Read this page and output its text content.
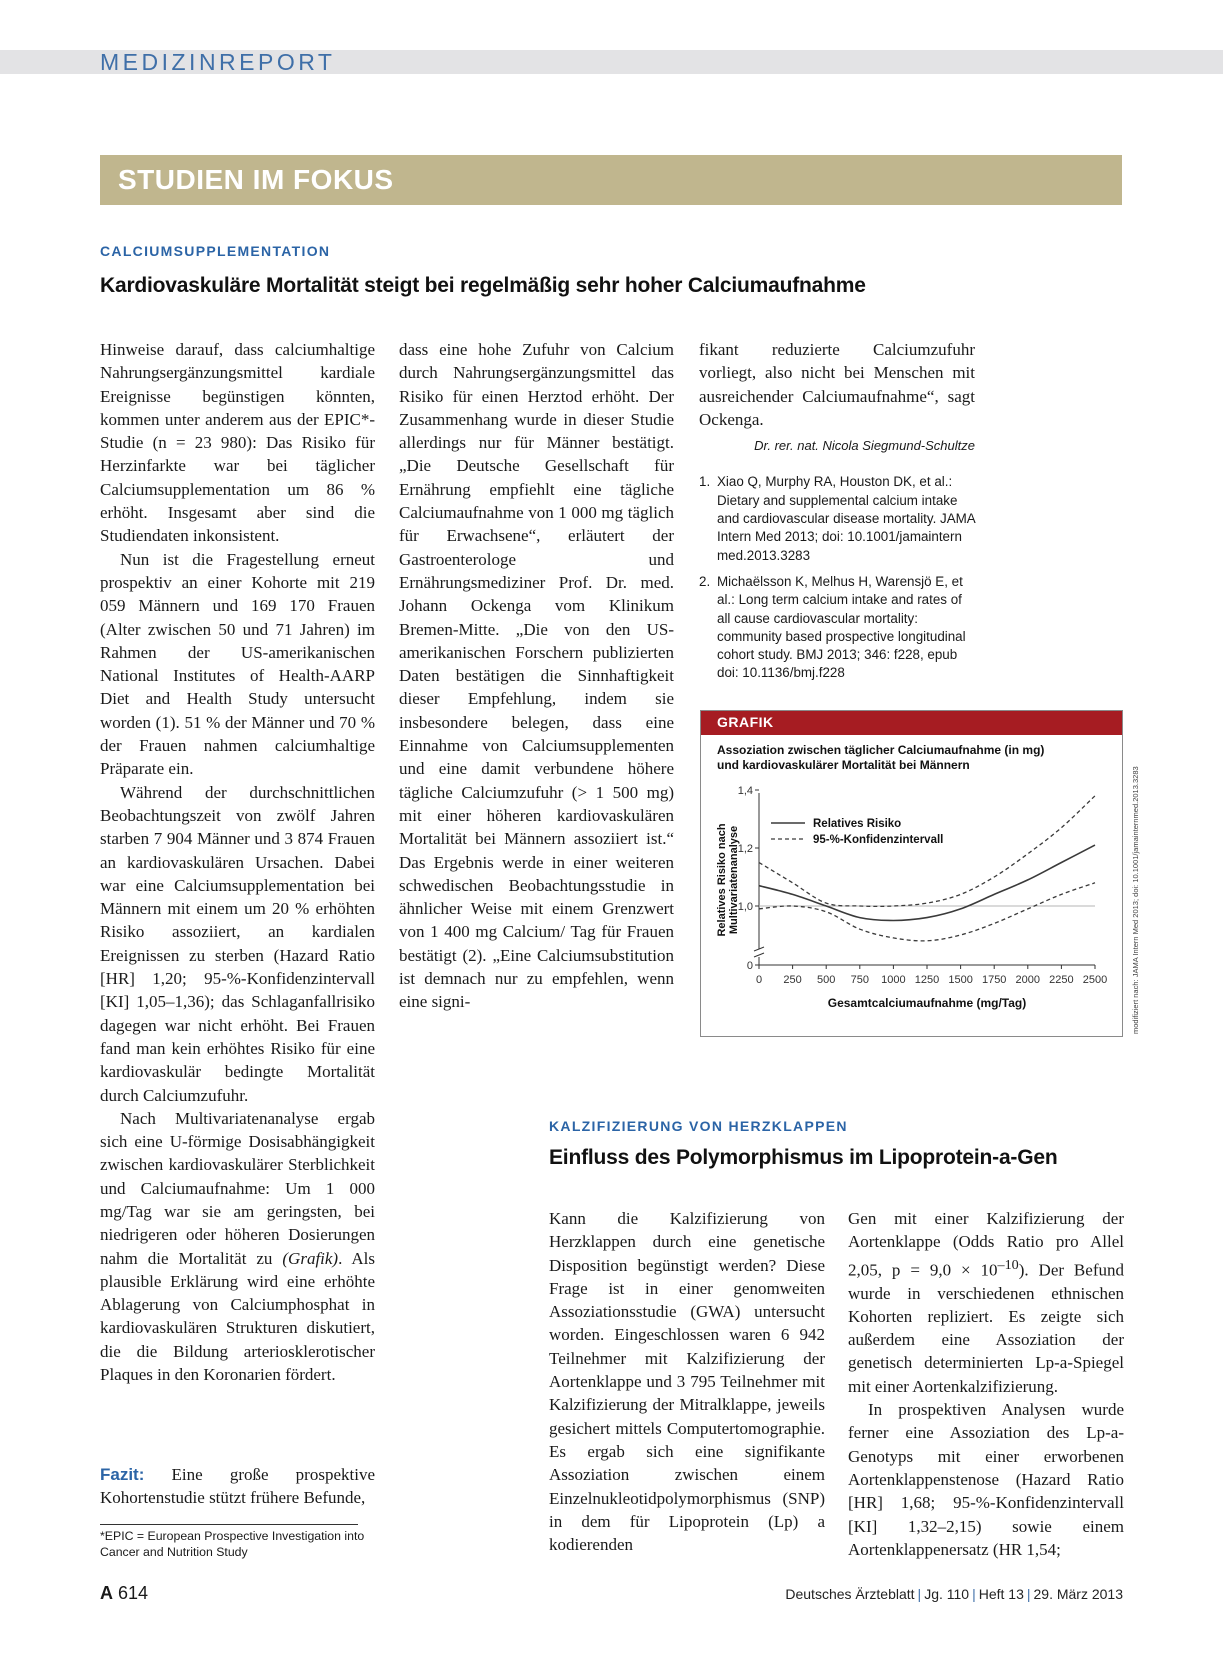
MEDIZINREPORT
STUDIEN IM FOKUS
CALCIUMSUPPLEMENTATION
Kardiovaskuläre Mortalität steigt bei regelmäßig sehr hoher Calciumaufnahme

Hinweise darauf, dass calciumhaltige Nahrungsergänzungsmittel kardiale Ereignisse begünstigen könnten, kommen unter anderem aus der EPIC*-Studie (n = 23 980): Das Risiko für Herzinfarkte war bei täglicher Calciumsupplementation um 86 % erhöht. Insgesamt aber sind die Studiendaten inkonsistent.

Nun ist die Fragestellung erneut prospektiv an einer Kohorte mit 219 059 Männern und 169 170 Frauen (Alter zwischen 50 und 71 Jahren) im Rahmen der US-amerikanischen National Institutes of Health-AARP Diet and Health Study untersucht worden (1). 51 % der Männer und 70 % der Frauen nahmen calciumhaltige Präparate ein.

Während der durchschnittlichen Beobachtungszeit von zwölf Jahren starben 7 904 Männer und 3 874 Frauen an kardiovaskulären Ursachen. Dabei war eine Calciumsupplementation bei Männern mit einem um 20 % erhöhten Risiko assoziiert, an kardialen Ereignissen zu sterben (Hazard Ratio [HR] 1,20; 95-%-Konfidenzintervall [KI] 1,05–1,36); das Schlaganfallrisiko dagegen war nicht erhöht. Bei Frauen fand man kein erhöhtes Risiko für eine kardiovaskulär bedingte Mortalität durch Calciumzufuhr.

Nach Multivariatenanalyse ergab sich eine U-förmige Dosisabhängigkeit zwischen kardiovaskulärer Sterblichkeit und Calciumaufnahme: Um 1 000 mg/Tag war sie am geringsten, bei niedrigeren oder höheren Dosierungen nahm die Mortalität zu (Grafik). Als plausible Erklärung wird eine erhöhte Ablagerung von Calciumphosphat in kardiovaskulären Strukturen diskutiert, die die Bildung arteriosklerotischer Plaques in den Koronarien fördert.

Fazit: Eine große prospektive Kohortenstudie stützt frühere Befunde,
*EPIC = European Prospective Investigation into Cancer and Nutrition Study

dass eine hohe Zufuhr von Calcium durch Nahrungsergänzungsmittel das Risiko für einen Herztod erhöht. Der Zusammenhang wurde in dieser Studie allerdings nur für Männer bestätigt. „Die Deutsche Gesellschaft für Ernährung empfiehlt eine tägliche Calciumaufnahme von 1 000 mg täglich für Erwachsene“, erläutert der Gastroenterologe und Ernährungsmediziner Prof. Dr. med. Johann Ockenga vom Klinikum Bremen-Mitte. „Die von den US-amerikanischen Forschern publizierten Daten bestätigen die Sinnhaftigkeit dieser Empfehlung, indem sie insbesondere belegen, dass eine Einnahme von Calciumsupplementen und eine damit verbundene höhere tägliche Calciumzufuhr (> 1 500 mg) mit einer höheren kardiovaskulären Mortalität bei Männern assoziiert ist.“ Das Ergebnis werde in einer weiteren schwedischen Beobachtungsstudie in ähnlicher Weise mit einem Grenzwert von 1 400 mg Calcium/ Tag für Frauen bestätigt (2). „Eine Calciumsubstitution ist demnach nur zu empfehlen, wenn eine signi-

fikant reduzierte Calciumzufuhr vorliegt, also nicht bei Menschen mit ausreichender Calciumaufnahme“, sagt Ockenga.

Dr. rer. nat. Nicola Siegmund-Schultze
1. Xiao Q, Murphy RA, Houston DK, et al.: Dietary and supplemental calcium intake and cardiovascular disease mortality. JAMA Intern Med 2013; doi: 10.1001/jamaintern med.2013.3283
2. Michaëlsson K, Melhus H, Warensjö E, et al.: Long term calcium intake and rates of all cause cardiovascular mortality: community based prospective longitudinal cohort study. BMJ 2013; 346: f228, epub doi: 10.1136/bmj.f228
GRAFIK
Assoziation zwischen täglicher Calciumaufnahme (in mg)
und kardiovaskulärer Mortalität bei Männern
Relatives Risiko nach Multivariatenanalyse
0
1,0
1,2
1,4
0 250 500 750 1000 1250 1500 1750 2000 2250 2500
Gesamtcalciumaufnahme (mg/Tag)
Relatives Risiko
95-%-Konfidenzintervall	modifiziert nach: JAMA Intern Med 2013; doi: 10.1001/jamainternmed.2013.3283
KALZIFIZIERUNG VON HERZKLAPPEN
Einfluss des Polymorphismus im Lipoprotein-a-Gen

Kann die Kalzifizierung von Herzklappen durch eine genetische Disposition begünstigt werden? Diese Frage ist in einer genomweiten Assoziationsstudie (GWA) untersucht worden. Eingeschlossen waren 6 942 Teilnehmer mit Kalzifizierung der Aortenklappe und 3 795 Teilnehmer mit Kalzifizierung der Mitralklappe, jeweils gesichert mittels Computertomographie. Es ergab sich eine signifikante Assoziation zwischen einem Einzelnukleotidpolymorphismus (SNP) in dem für Lipoprotein (Lp) a kodierenden

Gen mit einer Kalzifizierung der Aortenklappe (Odds Ratio pro Allel 2,05, $p = 9,0 \times 10^{-10}$). Der Befund wurde in verschiedenen ethnischen Kohorten repliziert. Es zeigte sich außerdem eine Assoziation der genetisch determinierten Lp-a-Spiegel mit einer Aortenkalzifizierung.

In prospektiven Analysen wurde ferner eine Assoziation des Lp-a-Genotyps mit einer erworbenen Aortenklappenstenose (Hazard Ratio [HR] 1,68; 95-%-Konfidenzintervall [KI] 1,32–2,15) sowie einem Aortenklappenersatz (HR 1,54;

A 614	Deutsches Ärzteblatt | Jg. 110 | Heft 13 | 29. März 2013
